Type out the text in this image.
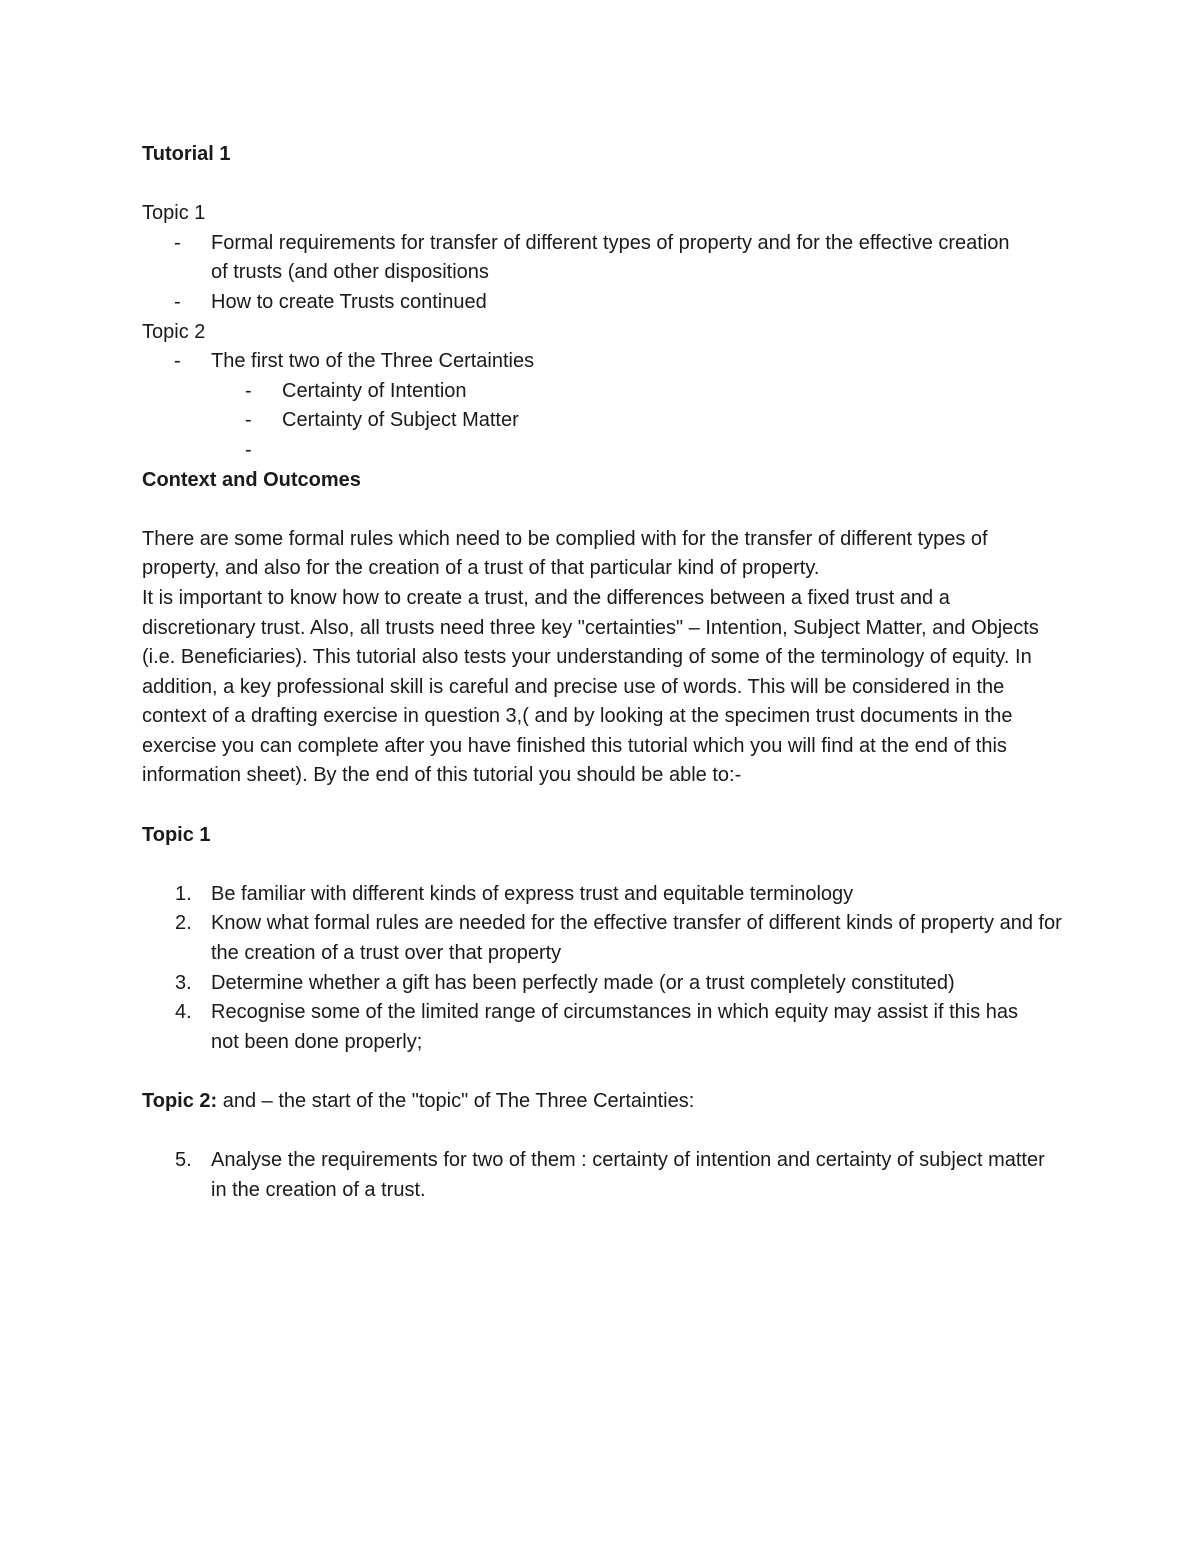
Tutorial 1
Topic 1
- Formal requirements for transfer of different types of property and for the effective creation of trusts (and other dispositions
- How to create Trusts continued
Topic 2
- The first two of the Three Certainties
- Certainty of Intention
- Certainty of Subject Matter
-

Context and Outcomes
There are some formal rules which need to be complied with for the transfer of different types of property, and also for the creation of a trust of that particular kind of property.
It is important to know how to create a trust, and the differences between a fixed trust and a discretionary trust. Also, all trusts need three key "certainties" – Intention, Subject Matter, and Objects (i.e. Beneficiaries). This tutorial also tests your understanding of some of the terminology of equity. In addition, a key professional skill is careful and precise use of words. This will be considered in the context of a drafting exercise in question 3,( and by looking at the specimen trust documents in the exercise you can complete after you have finished this tutorial which you will find at the end of this information sheet). By the end of this tutorial you should be able to:-
Topic 1
1. Be familiar with different kinds of express trust and equitable terminology
2. Know what formal rules are needed for the effective transfer of different kinds of property and for the creation of a trust over that property
3. Determine whether a gift has been perfectly made (or a trust completely constituted)
4. Recognise some of the limited range of circumstances in which equity may assist if this has not been done properly;
Topic 2: and – the start of the "topic" of The Three Certainties:
5. Analyse the requirements for two of them : certainty of intention and certainty of subject matter in the creation of a trust.
